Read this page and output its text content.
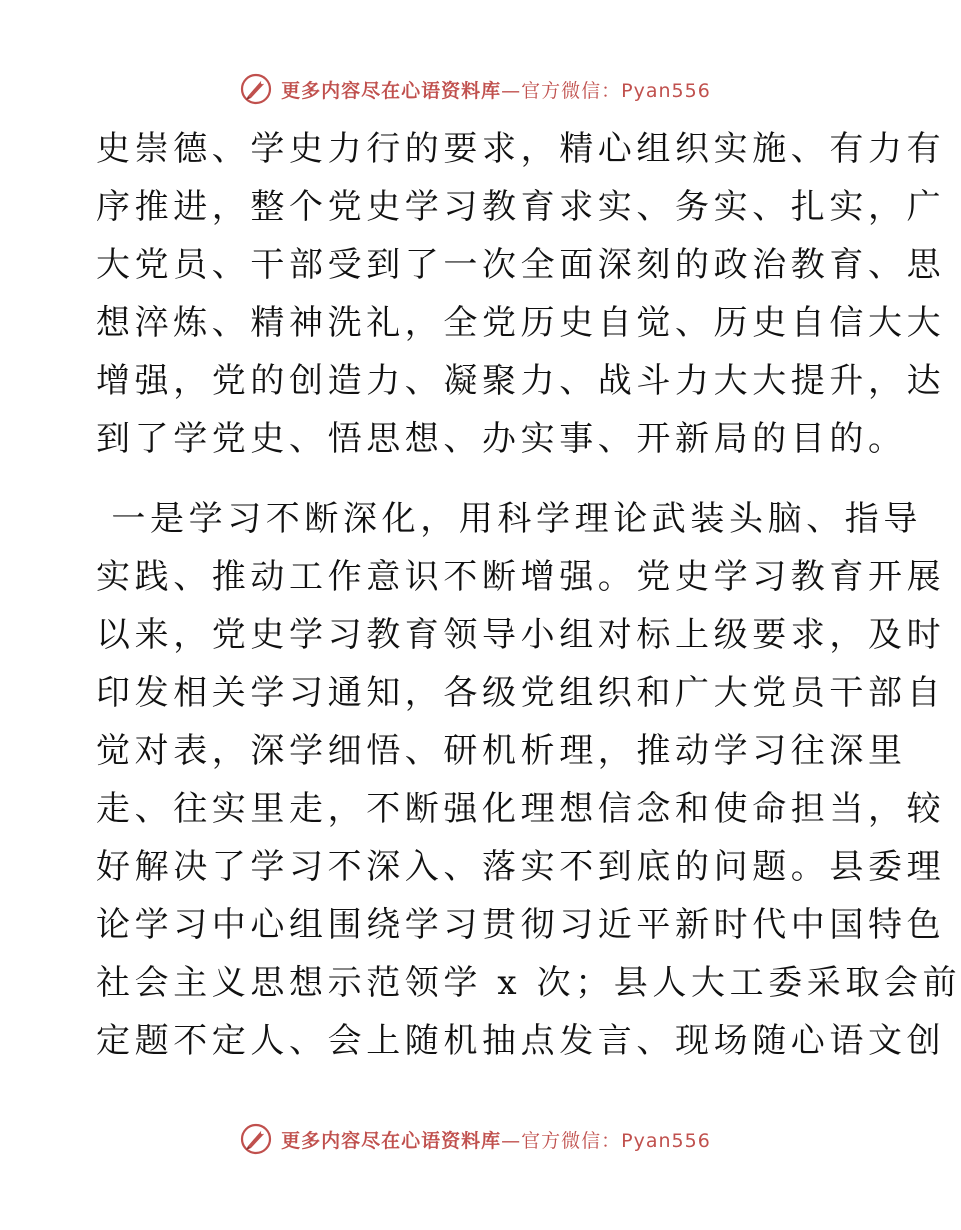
更多内容尽在心语资料库—官方微信：Pyan556
史崇德、学史力行的要求，精心组织实施、有力有
序推进，整个党史学习教育求实、务实、扎实，广
大党员、干部受到了一次全面深刻的政治教育、思
想淬炼、精神洗礼，全党历史自觉、历史自信大大
增强，党的创造力、凝聚力、战斗力大大提升，达
到了学党史、悟思想、办实事、开新局的目的。
一是学习不断深化，用科学理论武装头脑、指导
实践、推动工作意识不断增强。党史学习教育开展
以来，党史学习教育领导小组对标上级要求，及时
印发相关学习通知，各级党组织和广大党员干部自
觉对表，深学细悟、研机析理，推动学习往深里
走、往实里走，不断强化理想信念和使命担当，较
好解决了学习不深入、落实不到底的问题。县委理
论学习中心组围绕学习贯彻习近平新时代中国特色
社会主义思想示范领学 x 次；县人大工委采取会前
定题不定人、会上随机抽点发言、现场随心语文创
更多内容尽在心语资料库—官方微信：Pyan556
